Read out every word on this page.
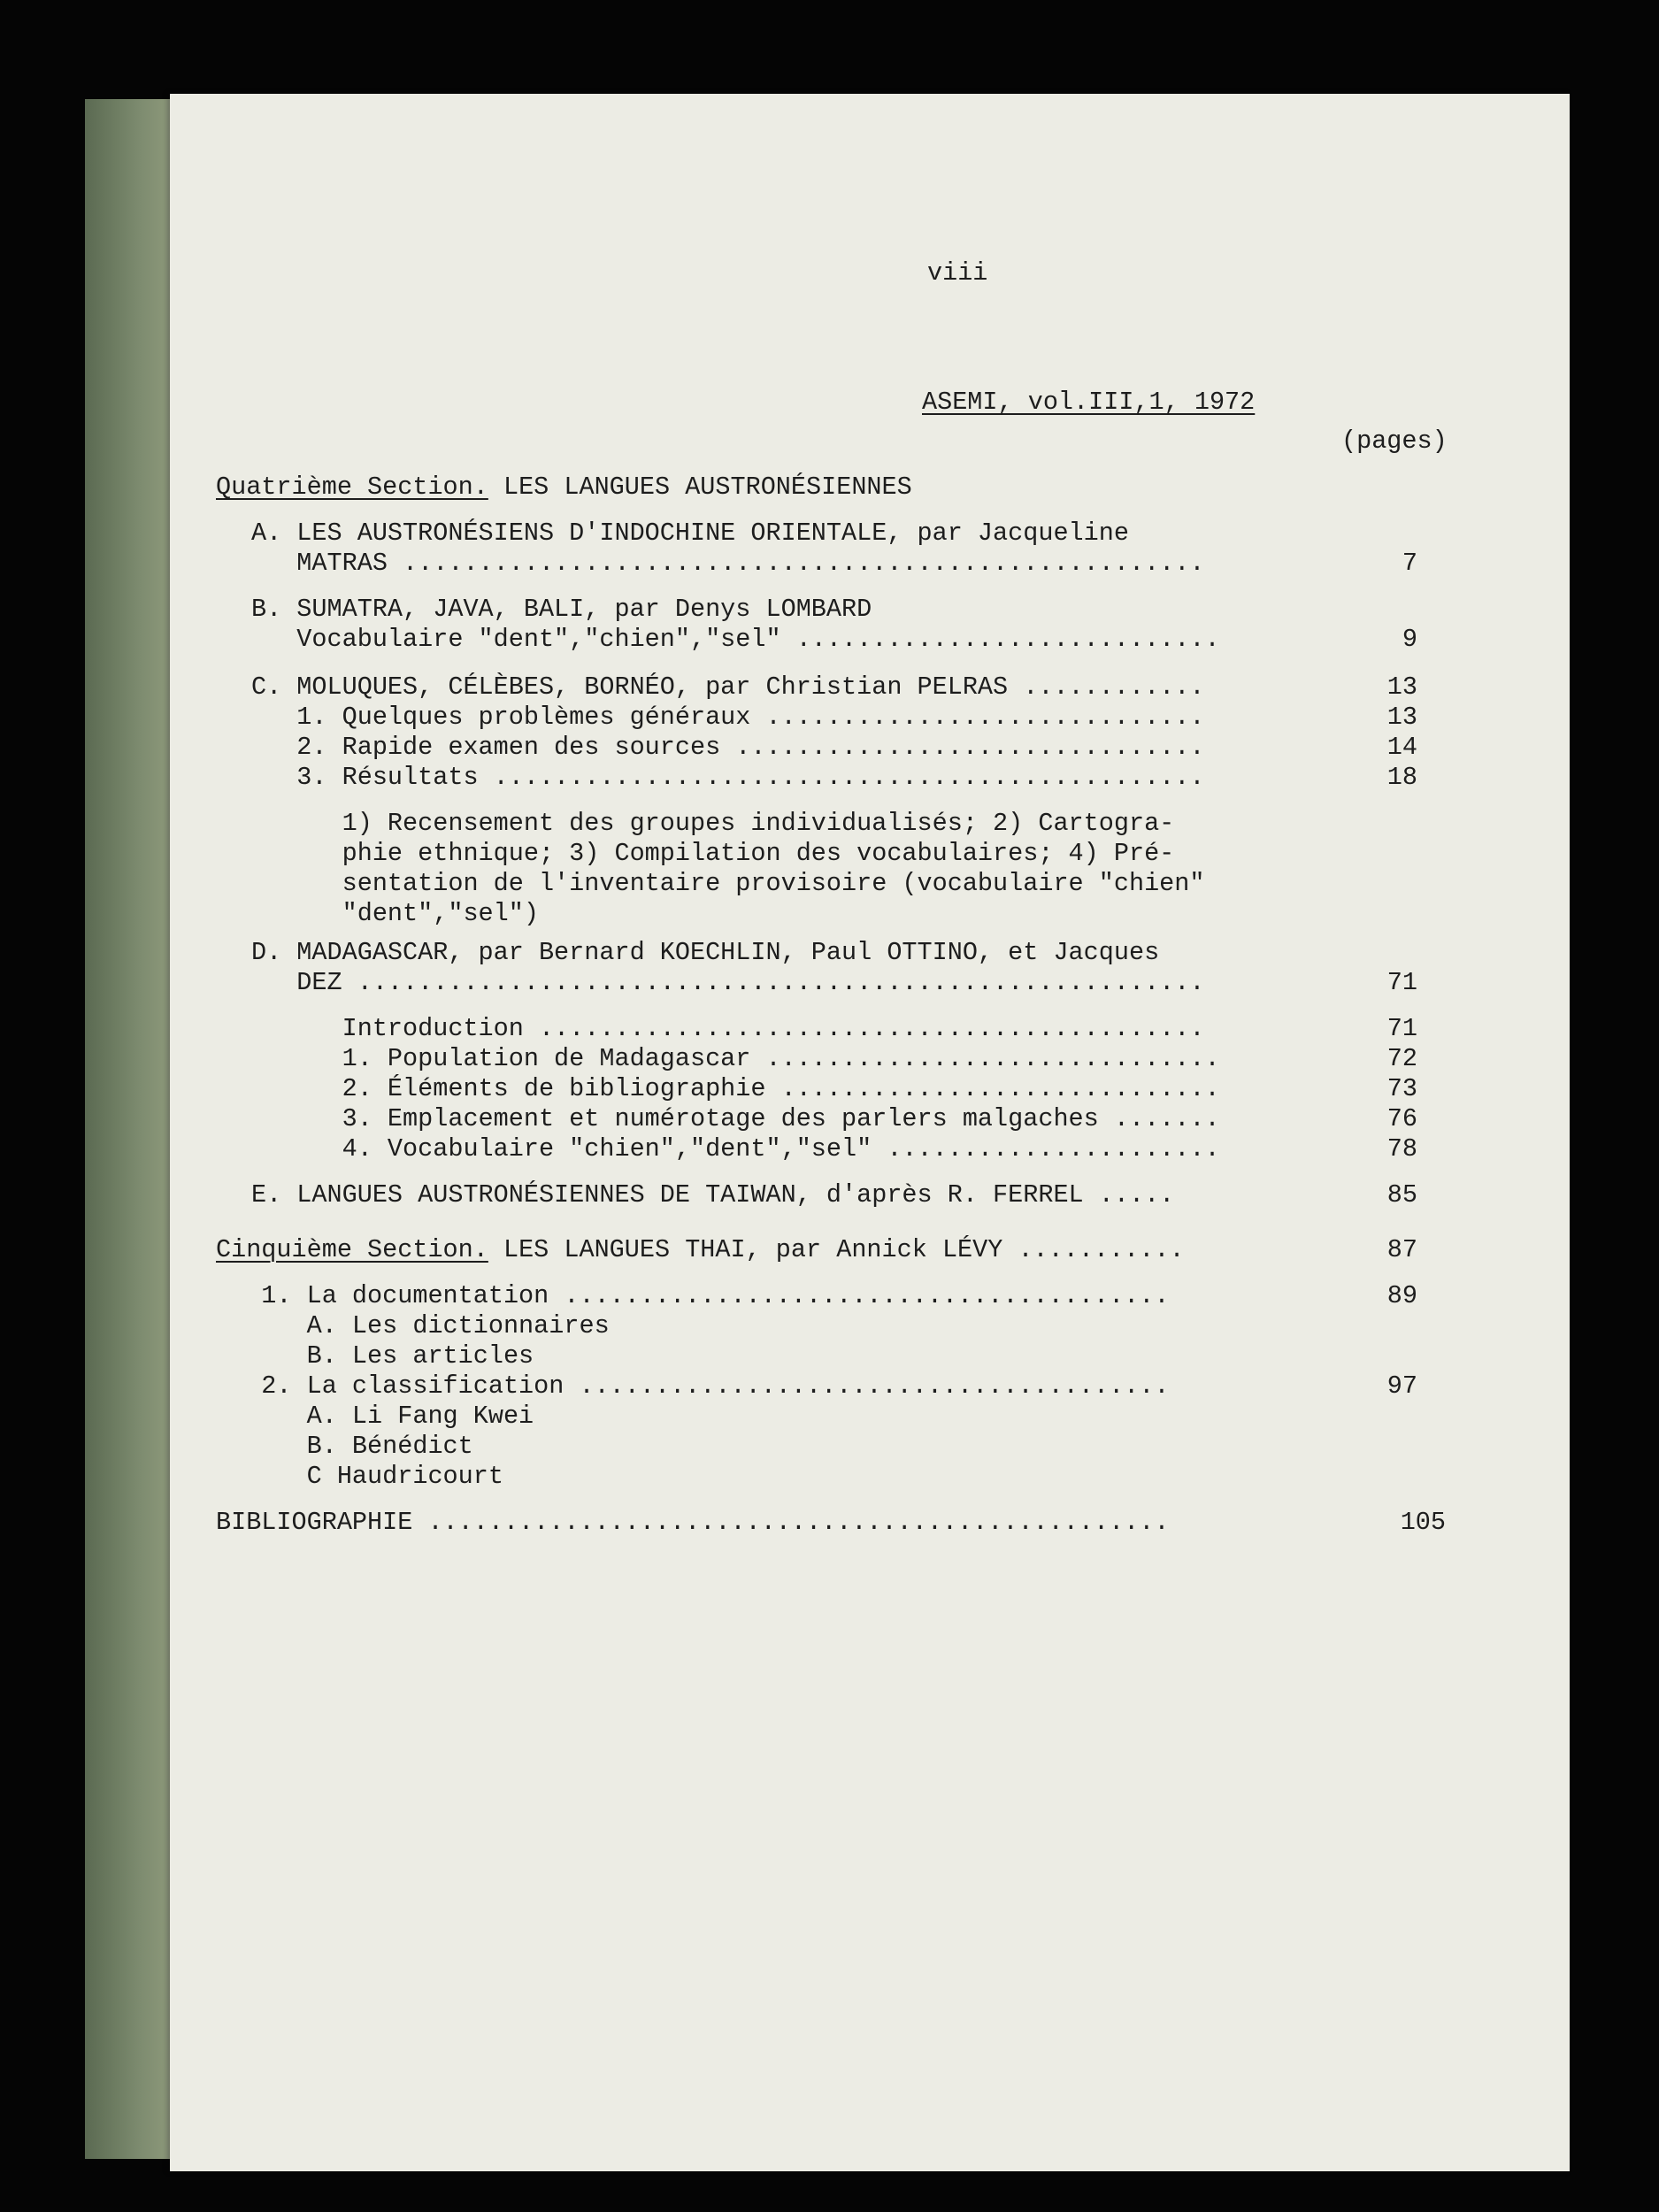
viii
ASEMI, vol.III,1, 1972
(pages)
Quatrième Section. LES LANGUES AUSTRONÉSIENNES
A. LES AUSTRONÉSIENS D'INDOCHINE ORIENTALE, par Jacqueline
MATRAS .....................................................	7
B. SUMATRA, JAVA, BALI, par Denys LOMBARD
Vocabulaire "dent","chien","sel" ............................	9
C. MOLUQUES, CÉLÈBES, BORNÉO, par Christian PELRAS ............	13
1. Quelques problèmes généraux .............................	13
2. Rapide examen des sources ...............................	14
3. Résultats ...............................................	18
1) Recensement des groupes individualisés; 2) Cartogra-
phie ethnique; 3) Compilation des vocabulaires; 4) Pré-
sentation de l'inventaire provisoire (vocabulaire "chien"
"dent","sel")
D. MADAGASCAR, par Bernard KOECHLIN, Paul OTTINO, et Jacques
DEZ ........................................................	71
Introduction ............................................	71
1. Population de Madagascar ..............................	72
2. Éléments de bibliographie .............................	73
3. Emplacement et numérotage des parlers malgaches .......	76
4. Vocabulaire "chien","dent","sel" ......................	78
E. LANGUES AUSTRONÉSIENNES DE TAIWAN, d'après R. FERREL .....	85
Cinquième Section. LES LANGUES THAI, par Annick LÉVY ...........	87
1. La documentation ........................................	89
A. Les dictionnaires
B. Les articles
2. La classification .......................................	97
A. Li Fang Kwei
B. Bénédict
C Haudricourt
BIBLIOGRAPHIE .................................................	105
